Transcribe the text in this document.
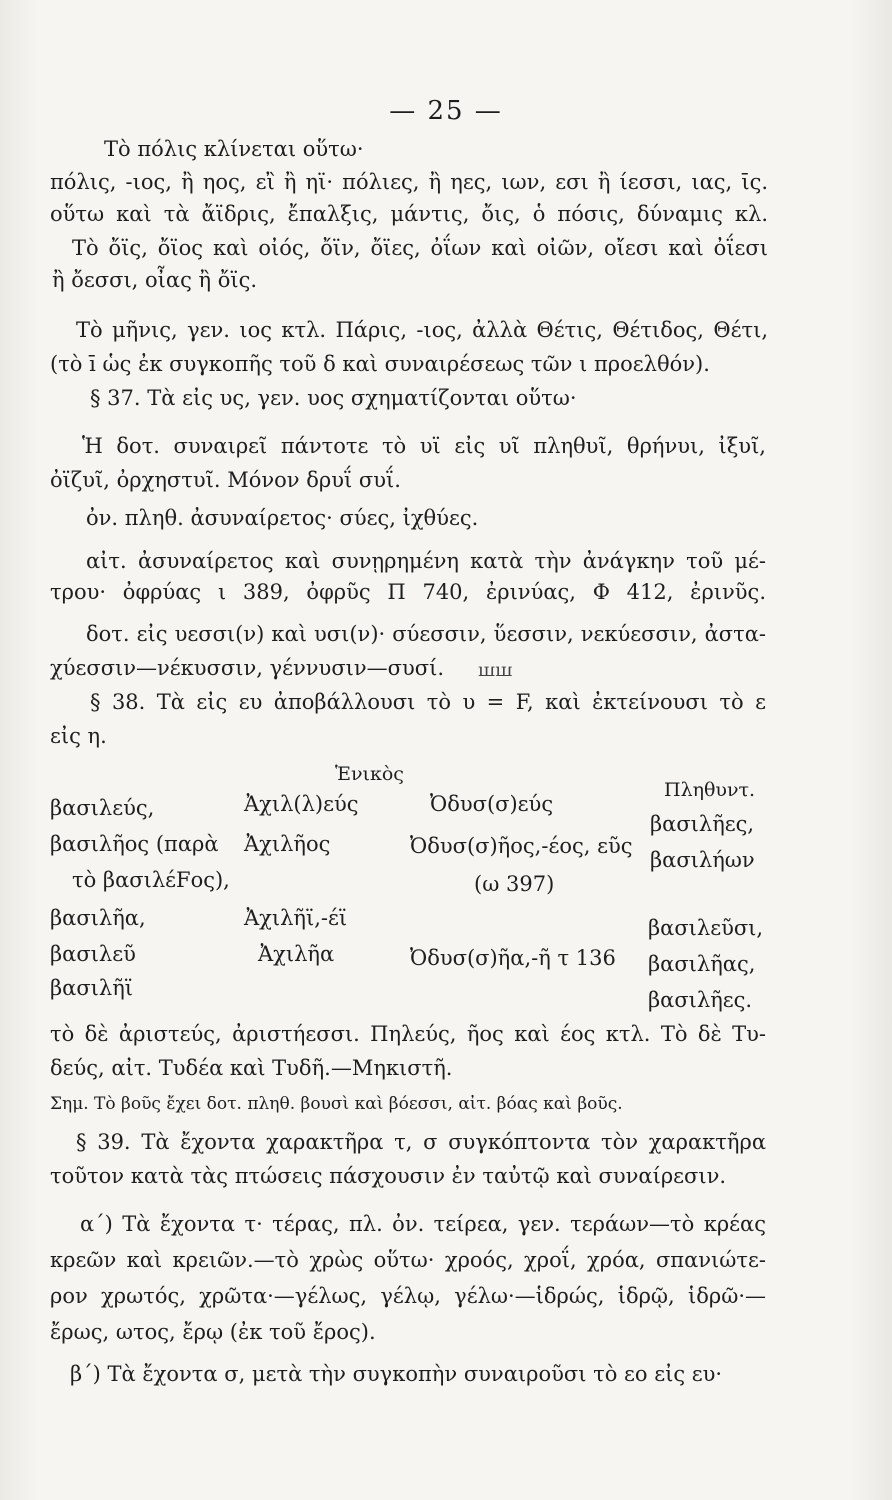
— 25 —
Τὸ πόλις κλίνεται οὕτω·
πόλις, -ιος, ἢ ηος, εἲ ἢ ηϊ· πόλιες, ἢ ηες, ιων, εσι ἢ ίεσσι, ιας, ῑς.
οὕτω καὶ τὰ ἄϊδρις, ἔπαλξις, μάντις, ὄις, ὁ πόσις, δύναμις κλ.
Τὸ ὄϊς, ὄϊος καὶ οἰός, ὄϊν, ὄϊες, ὀΐων καὶ οἰῶν, οἴεσι καὶ ὀΐεσι
ἢ ὄεσσι, οἶας ἢ ὄϊς.
Τὸ μῆνις, γεν. ιος κτλ. Πάρις, -ιος, ἀλλὰ Θέτις, Θέτιδος, Θέτι,
(τὸ ī ὡς ἐκ συγκοπῆς τοῦ δ καὶ συναιρέσεως τῶν ι προελθόν).
§ 37. Τὰ εἰς υς, γεν. υος σχηματίζονται οὕτω·
Ἡ δοτ. συναιρεῖ πάντοτε τὸ υϊ εἰς υῖ πληθυῖ, θρήνυι, ἰξυῖ,
ὀϊζυῖ, ὀρχηστυῖ. Μόνον δρυΐ συΐ.
ὀν. πληθ. ἀσυναίρετος· σύες, ἰχθύες.
αἰτ. ἀσυναίρετος καὶ συνῃρημένη κατὰ τὴν ἀνάγκην τοῦ μέ-
τρου· ὀφρύας ι 389, ὀφρῦς Π 740, ἐρινύας, Φ 412, ἐρινῦς.
δοτ. εἰς υεσσι(ν) καὶ υσι(ν)· σύεσσιν, ὕεσσιν, νεκύεσσιν, ἀστα-
χύεσσιν—νέκυσσιν, γέννυσιν—συσί.	ꟺꟺ
§ 38. Τὰ εἰς ευ ἀποβάλλουσι τὸ υ = F, καὶ ἐκτείνουσι τὸ ε
εἰς η.
Ἑνικὸς
Πληθυντ.
βασιλεύς,
βασιλῆος (παρὰ
τὸ βασιλέFος),
βασιλῆα,
βασιλεῦ
βασιλῆϊ
Ἀχιλ(λ)εύς
Ἀχιλῆος
Ἀχιλῆϊ,-έϊ
Ἀχιλῆα
Ὀδυσ(σ)εύς
Ὀδυσ(σ)ῆος,-έος, εῦς
(ω 397)
Ὀδυσ(σ)ῆα,-ῆ τ 136
βασιλῆες,
βασιλήων
βασιλεῦσι,
βασιλῆας,
βασιλῆες.
τὸ δὲ ἀριστεύς, ἀριστήεσσι. Πηλεύς, ῆος καὶ έος κτλ. Τὸ δὲ Τυ-
δεύς, αἰτ. Τυδέα καὶ Τυδῆ.—Μηκιστῆ.
Σημ. Τὸ βοῦς ἔχει δοτ. πληθ. βουσὶ καὶ βόεσσι, αἰτ. βόας καὶ βοῦς.
§ 39. Τὰ ἔχοντα χαρακτῆρα τ, σ συγκόπτοντα τὸν χαρακτῆρα
τοῦτον κατὰ τὰς πτώσεις πάσχουσιν ἐν ταὐτῷ καὶ συναίρεσιν.
α΄) Τὰ ἔχοντα τ· τέρας, πλ. ὀν. τείρεα, γεν. τεράων—τὸ κρέας
κρεῶν καὶ κρειῶν.—τὸ χρὼς οὕτω· χροός, χροΐ, χρόα, σπανιώτε-
ρον χρωτός, χρῶτα·—γέλως, γέλῳ, γέλω·—ἱδρώς, ἱδρῷ, ἱδρῶ·—
ἔρως, ωτος, ἔρῳ (ἐκ τοῦ ἔρος).
β΄) Τὰ ἔχοντα σ, μετὰ τὴν συγκοπὴν συναιροῦσι τὸ εο εἰς ευ·
